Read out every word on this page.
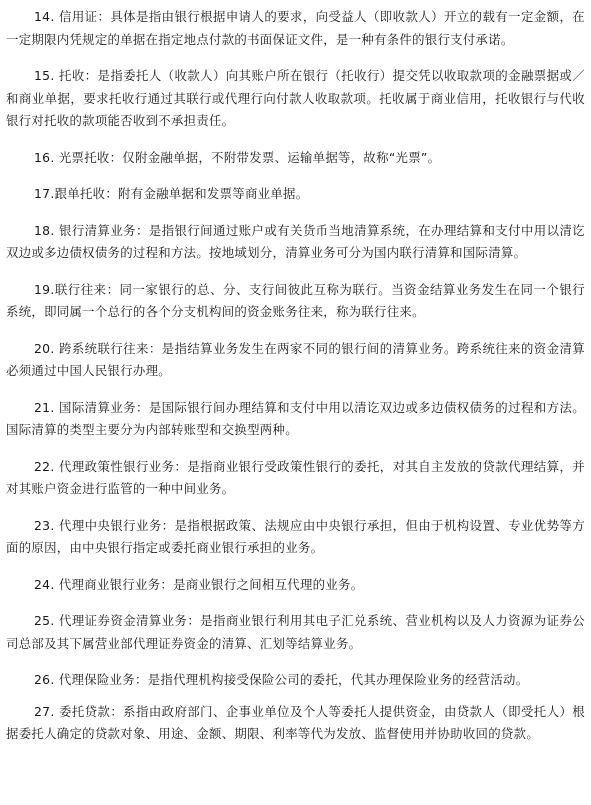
14. 信用证：具体是指由银行根据申请人的要求，向受益人（即收款人）开立的载有一定金额，在一定期限内凭规定的单据在指定地点付款的书面保证文件，是一种有条件的银行支付承诺。

15. 托收：是指委托人（收款人）向其账户所在银行（托收行）提交凭以收取款项的金融票据或／和商业单据，要求托收行通过其联行或代理行向付款人收取款项。托收属于商业信用，托收银行与代收银行对托收的款项能否收到不承担责任。

16. 光票托收：仅附金融单据，不附带发票、运输单据等，故称“光票”。

17.跟单托收：附有金融单据和发票等商业单据。

18. 银行清算业务：是指银行间通过账户或有关货币当地清算系统，在办理结算和支付中用以清讫双边或多边债权债务的过程和方法。按地域划分，清算业务可分为国内联行清算和国际清算。

19.联行往来：同一家银行的总、分、支行间彼此互称为联行。当资金结算业务发生在同一个银行系统，即同属一个总行的各个分支机构间的资金账务往来，称为联行往来。

20. 跨系统联行往来：是指结算业务发生在两家不同的银行间的清算业务。跨系统往来的资金清算必须通过中国人民银行办理。

21. 国际清算业务：是国际银行间办理结算和支付中用以清讫双边或多边债权债务的过程和方法。国际清算的类型主要分为内部转账型和交换型两种。

22. 代理政策性银行业务：是指商业银行受政策性银行的委托，对其自主发放的贷款代理结算，并对其账户资金进行监管的一种中间业务。

23. 代理中央银行业务：是指根据政策、法规应由中央银行承担，但由于机构设置、专业优势等方面的原因，由中央银行指定或委托商业银行承担的业务。

24. 代理商业银行业务：是商业银行之间相互代理的业务。

25. 代理证券资金清算业务：是指商业银行利用其电子汇兑系统、营业机构以及人力资源为证券公司总部及其下属营业部代理证券资金的清算、汇划等结算业务。

26. 代理保险业务：是指代理机构接受保险公司的委托，代其办理保险业务的经营活动。

27. 委托贷款：系指由政府部门、企事业单位及个人等委托人提供资金，由贷款人（即受托人）根据委托人确定的贷款对象、用途、金额、期限、利率等代为发放、监督使用并协助收回的贷款。
